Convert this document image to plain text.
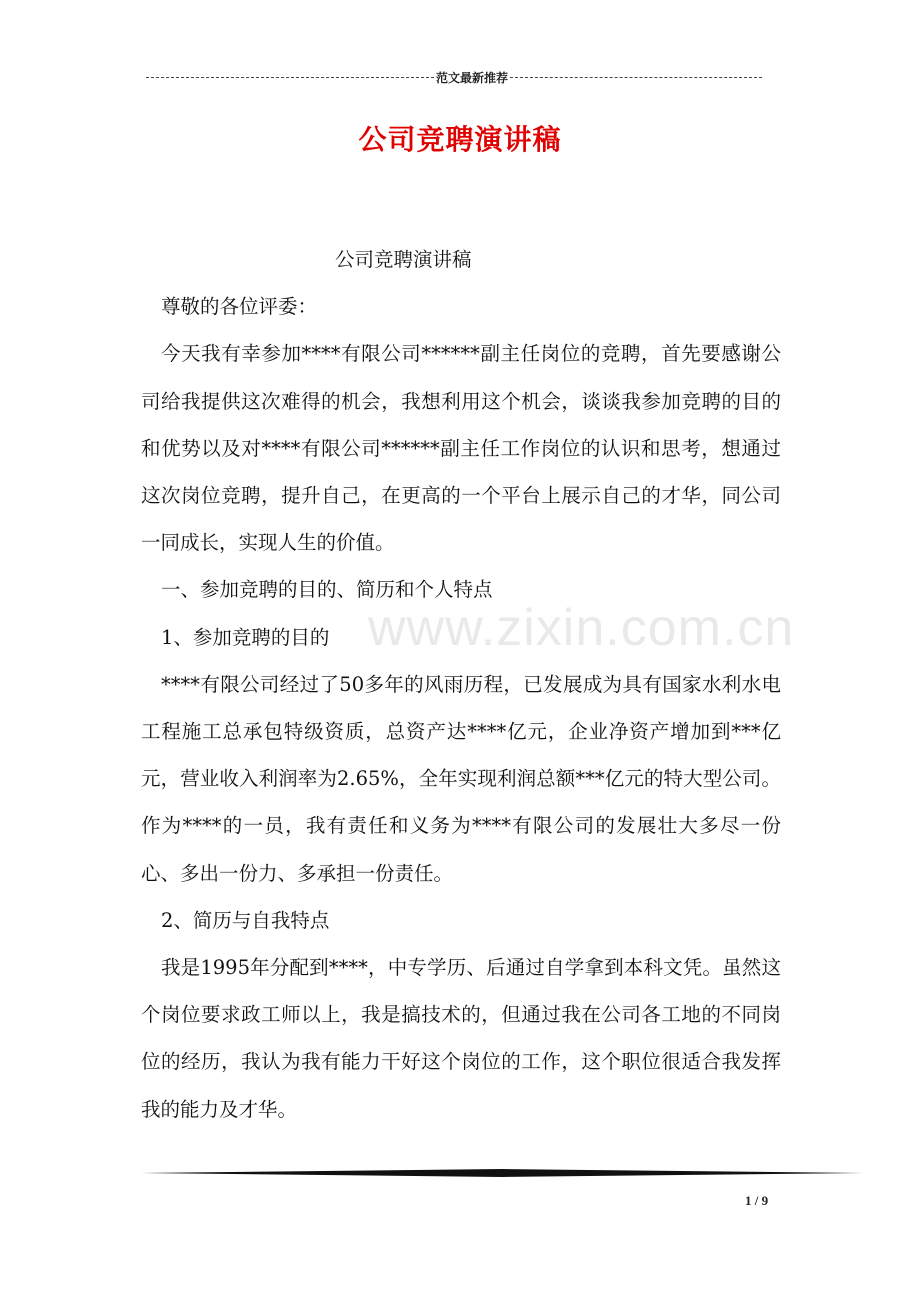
范文最新推荐
公司竞聘演讲稿

公司竞聘演讲稿

尊敬的各位评委：

今天我有幸参加****有限公司******副主任岗位的竞聘，首先要感谢公司给我提供这次难得的机会，我想利用这个机会，谈谈我参加竞聘的目的和优势以及对****有限公司******副主任工作岗位的认识和思考，想通过这次岗位竞聘，提升自己，在更高的一个平台上展示自己的才华，同公司一同成长，实现人生的价值。

一、参加竞聘的目的、简历和个人特点

1、参加竞聘的目的

****有限公司经过了50多年的风雨历程，已发展成为具有国家水利水电工程施工总承包特级资质，总资产达****亿元，企业净资产增加到***亿元，营业收入利润率为2.65%，全年实现利润总额***亿元的特大型公司。作为****的一员，我有责任和义务为****有限公司的发展壮大多尽一份心、多出一份力、多承担一份责任。

2、简历与自我特点

我是1995年分配到****，中专学历、后通过自学拿到本科文凭。虽然这个岗位要求政工师以上，我是搞技术的，但通过我在公司各工地的不同岗位的经历，我认为我有能力干好这个岗位的工作，这个职位很适合我发挥我的能力及才华。

www.zixin.com.cn
1 / 9
